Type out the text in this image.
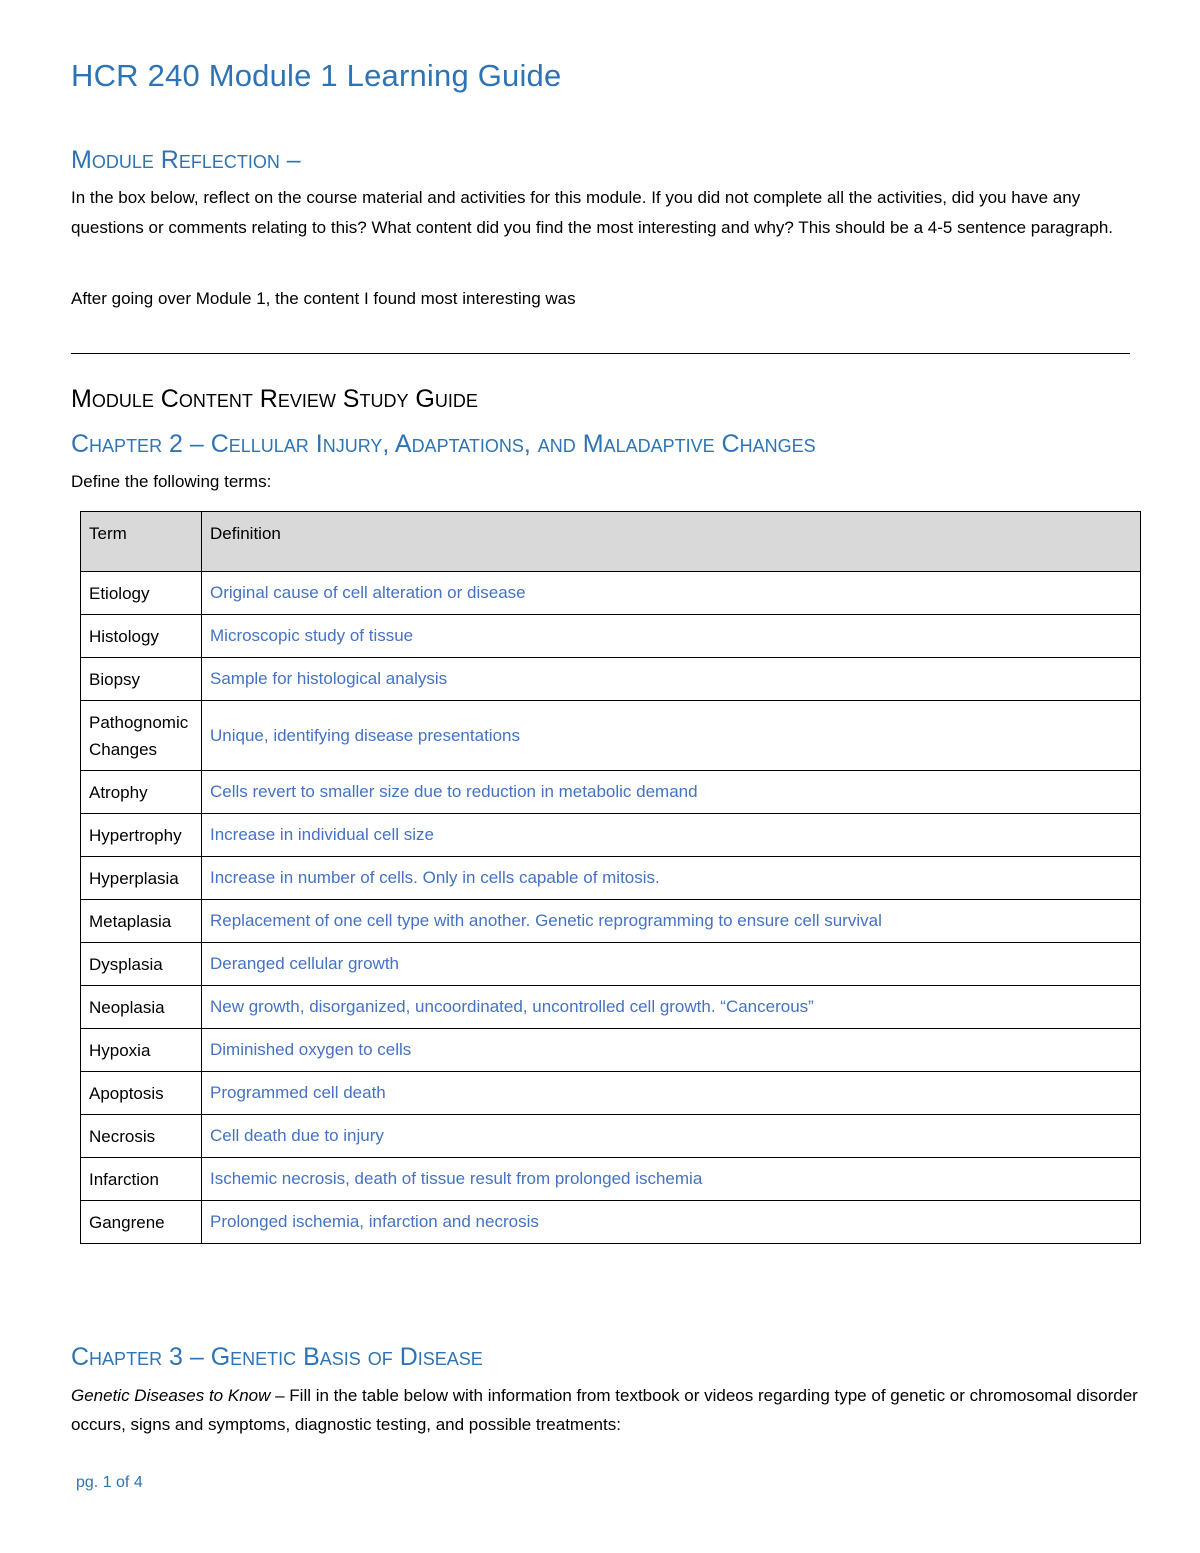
HCR 240 Module 1 Learning Guide
Module Reflection –

In the box below, reflect on the course material and activities for this module. If you did not complete all the activities, did you have any questions or comments relating to this? What content did you find the most interesting and why? This should be a 4-5 sentence paragraph.

After going over Module 1, the content I found most interesting was

Module Content Review Study Guide
Chapter 2 – Cellular Injury, Adaptations, and Maladaptive Changes

Define the following terms:

Term	Definition
Etiology	Original cause of cell alteration or disease
Histology	Microscopic study of tissue
Biopsy	Sample for histological analysis
Pathognomic Changes	Unique, identifying disease presentations
Atrophy	Cells revert to smaller size due to reduction in metabolic demand
Hypertrophy	Increase in individual cell size
Hyperplasia	Increase in number of cells. Only in cells capable of mitosis.
Metaplasia	Replacement of one cell type with another. Genetic reprogramming to ensure cell survival
Dysplasia	Deranged cellular growth
Neoplasia	New growth, disorganized, uncoordinated, uncontrolled cell growth. “Cancerous”
Hypoxia	Diminished oxygen to cells
Apoptosis	Programmed cell death
Necrosis	Cell death due to injury
Infarction	Ischemic necrosis, death of tissue result from prolonged ischemia
Gangrene	Prolonged ischemia, infarction and necrosis
Chapter 3 – Genetic Basis of Disease

Genetic Diseases to Know – Fill in the table below with information from textbook or videos regarding type of genetic or chromosomal disorder occurs, signs and symptoms, diagnostic testing, and possible treatments:

pg. 1 of 4
